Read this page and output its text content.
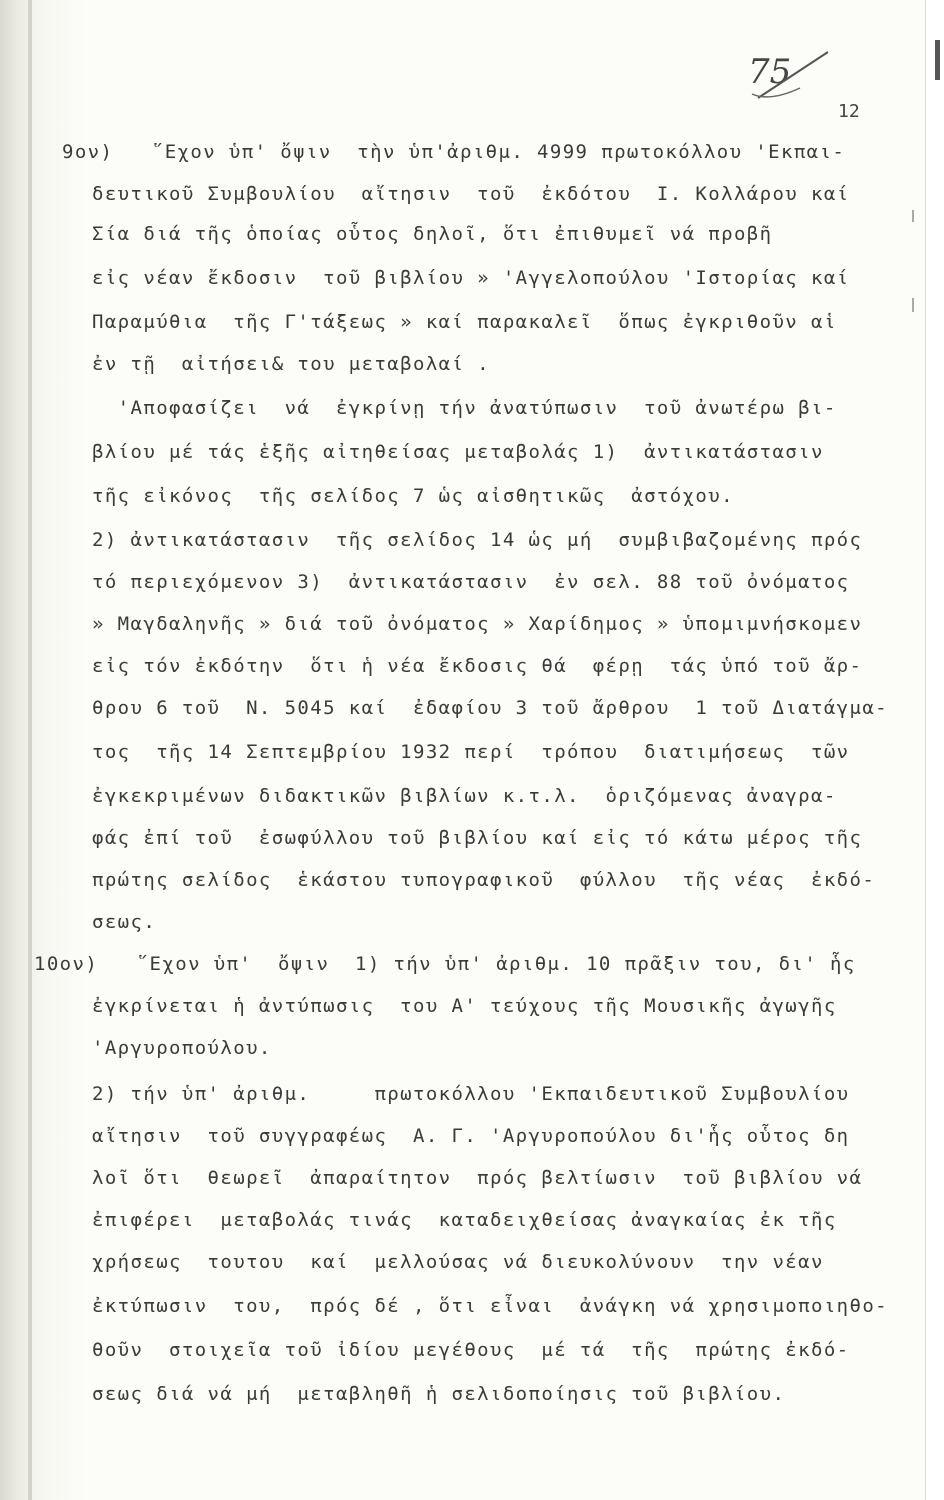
75
12
9ον)   ῞Εχον ὑπ' ὄψιν  τὴν ὑπ'ἀριθμ. 4999 πρωτοκόλλου 'Εκπαι-
δευτικοῦ Συμβουλίου  αἴτησιν  τοῦ  ἐκδότου  Ι. Κολλάρου καί
Σία διά τῆς ὁποίας οὗτος δηλοῖ, ὅτι ἐπιθυμεῖ νά προβῆ
εἰς νέαν ἔκδοσιν  τοῦ βιβλίου » 'Αγγελοπούλου 'Ιστορίας καί
Παραμύθια  τῆς Γ'τάξεως » καί παρακαλεῖ  ὅπως ἐγκριθοῦν αἱ
ἐν τῇ  αἰτήσει& του μεταβολαί .
'Αποφασίζει  νά  ἐγκρίνῃ τήν ἀνατύπωσιν  τοῦ ἀνωτέρω βι-
βλίου μέ τάς ἑξῆς αἰτηθείσας μεταβολάς 1)  ἀντικατάστασιν
τῆς εἰκόνος  τῆς σελίδος 7 ὡς αἰσθητικῶς  ἀστόχου.
2) ἀντικατάστασιν  τῆς σελίδος 14 ὡς μή  συμβιβαζομένης πρός
τό περιεχόμενον 3)  ἀντικατάστασιν  ἐν σελ. 88 τοῦ ὀνόματος
» Μαγδαληνῆς » διά τοῦ ὀνόματος » Χαρίδημος » ὑπομιμνήσκομεν
εἰς τόν ἐκδότην  ὅτι ἡ νέα ἔκδοσις θά  φέρῃ  τάς ὑπό τοῦ ἄρ-
θρου 6 τοῦ  Ν. 5045 καί  ἐδαφίου 3 τοῦ ἄρθρου  1 τοῦ Διατάγμα-
τος  τῆς 14 Σεπτεμβρίου 1932 περί  τρόπου  διατιμήσεως  τῶν
ἐγκεκριμένων διδακτικῶν βιβλίων κ.τ.λ.  ὁριζόμενας ἀναγρα-
φάς ἐπί τοῦ  ἐσωφύλλου τοῦ βιβλίου καί εἰς τό κάτω μέρος τῆς
πρώτης σελίδος  ἑκάστου τυπογραφικοῦ  φύλλου  τῆς νέας  ἐκδό-
σεως.
10ον)   ῞Εχον ὑπ'  ὄψιν  1) τήν ὑπ' ἀριθμ. 10 πρᾶξιν του, δι' ἧς
ἐγκρίνεται ἡ ἀντύπωσις  του Α' τεύχους τῆς Μουσικῆς ἀγωγῆς
'Αργυροπούλου.
2) τήν ὑπ' ἀριθμ.     πρωτοκόλλου 'Εκπαιδευτικοῦ Συμβουλίου
αἴτησιν  τοῦ συγγραφέως  Α. Γ. 'Αργυροπούλου δι'ἧς οὗτος δη
λοῖ ὅτι  θεωρεῖ  ἀπαραίτητον  πρός βελτίωσιν  τοῦ βιβλίου νά
ἐπιφέρει  μεταβολάς τινάς  καταδειχθείσας ἀναγκαίας ἐκ τῆς
χρήσεως  τουτου  καί  μελλούσας νά διευκολύνουν  την νέαν
ἐκτύπωσιν  του,  πρός δέ , ὅτι εἶναι  ἀνάγκη νά χρησιμοποιηθο-
θοῦν  στοιχεῖα τοῦ ἰδίου μεγέθους  μέ τά  τῆς  πρώτης ἐκδό-
σεως διά νά μή  μεταβληθῆ ἡ σελιδοποίησις τοῦ βιβλίου.
